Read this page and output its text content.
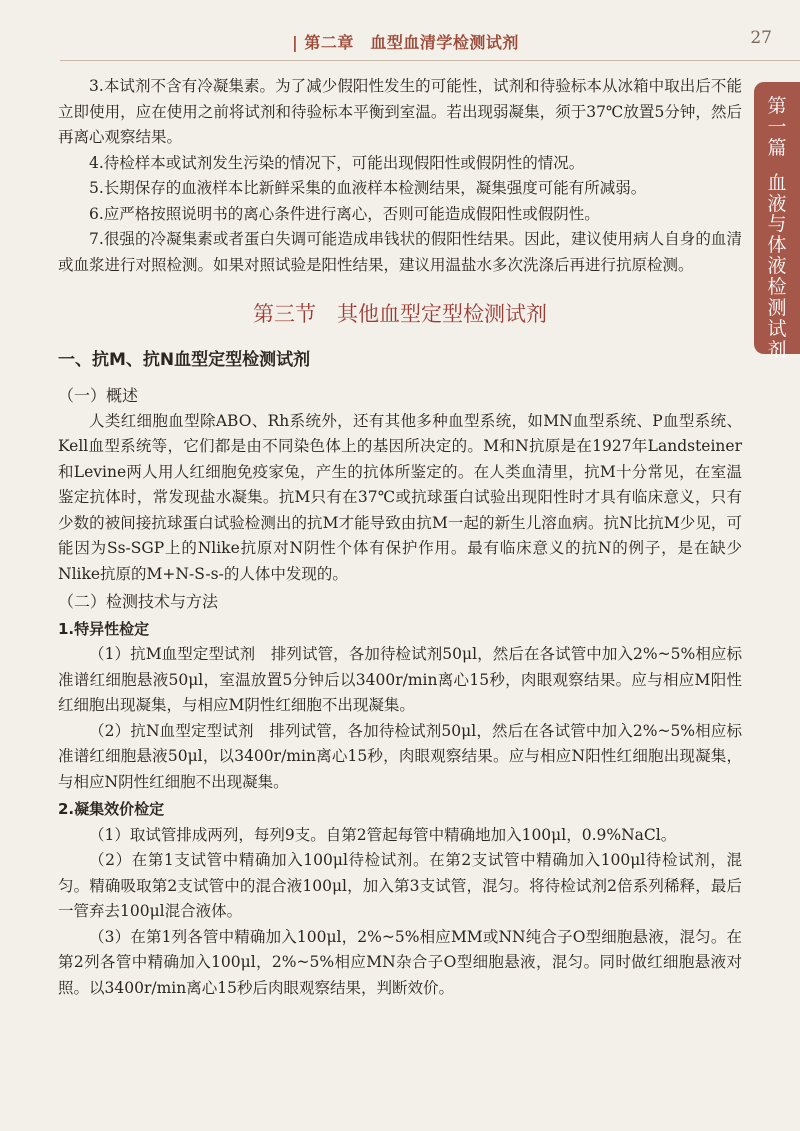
| 第二章　血型血清学检测试剂	27
第
一
篇
血
液
与
体
液
检
测
试
剂

3.本试剂不含有冷凝集素。为了减少假阳性发生的可能性，试剂和待验标本从冰箱中取出后不能立即使用，应在使用之前将试剂和待验标本平衡到室温。若出现弱凝集，须于37℃放置5分钟，然后再离心观察结果。

4.待检样本或试剂发生污染的情况下，可能出现假阳性或假阴性的情况。

5.长期保存的血液样本比新鲜采集的血液样本检测结果，凝集强度可能有所减弱。

6.应严格按照说明书的离心条件进行离心，否则可能造成假阳性或假阴性。

7.很强的冷凝集素或者蛋白失调可能造成串钱状的假阳性结果。因此，建议使用病人自身的血清或血浆进行对照检测。如果对照试验是阳性结果，建议用温盐水多次洗涤后再进行抗原检测。

第三节　其他血型定型检测试剂
一、抗M、抗N血型定型检测试剂

（一）概述

人类红细胞血型除ABO、Rh系统外，还有其他多种血型系统，如MN血型系统、P血型系统、Kell血型系统等，它们都是由不同染色体上的基因所决定的。M和N抗原是在1927年Landsteiner和Levine两人用人红细胞免疫家兔，产生的抗体所鉴定的。在人类血清里，抗M十分常见，在室温鉴定抗体时，常发现盐水凝集。抗M只有在37℃或抗球蛋白试验出现阳性时才具有临床意义，只有少数的被间接抗球蛋白试验检测出的抗M才能导致由抗M一起的新生儿溶血病。抗N比抗M少见，可能因为Ss-SGP上的Nlike抗原对N阴性个体有保护作用。最有临床意义的抗N的例子，是在缺少Nlike抗原的M+N-S-s-的人体中发现的。

（二）检测技术与方法

1.特异性检定

（1）抗M血型定型试剂　排列试管，各加待检试剂50μl，然后在各试管中加入2%~5%相应标准谱红细胞悬液50μl，室温放置5分钟后以3400r/min离心15秒，肉眼观察结果。应与相应M阳性红细胞出现凝集，与相应M阴性红细胞不出现凝集。

（2）抗N血型定型试剂　排列试管，各加待检试剂50μl，然后在各试管中加入2%~5%相应标准谱红细胞悬液50μl，以3400r/min离心15秒，肉眼观察结果。应与相应N阳性红细胞出现凝集，与相应N阴性红细胞不出现凝集。

2.凝集效价检定

（1）取试管排成两列，每列9支。自第2管起每管中精确地加入100μl，0.9%NaCl。

（2）在第1支试管中精确加入100μl待检试剂。在第2支试管中精确加入100μl待检试剂，混匀。精确吸取第2支试管中的混合液100μl，加入第3支试管，混匀。将待检试剂2倍系列稀释，最后一管弃去100μl混合液体。

（3）在第1列各管中精确加入100μl，2%~5%相应MM或NN纯合子O型细胞悬液，混匀。在第2列各管中精确加入100μl，2%~5%相应MN杂合子O型细胞悬液，混匀。同时做红细胞悬液对照。以3400r/min离心15秒后肉眼观察结果，判断效价。
